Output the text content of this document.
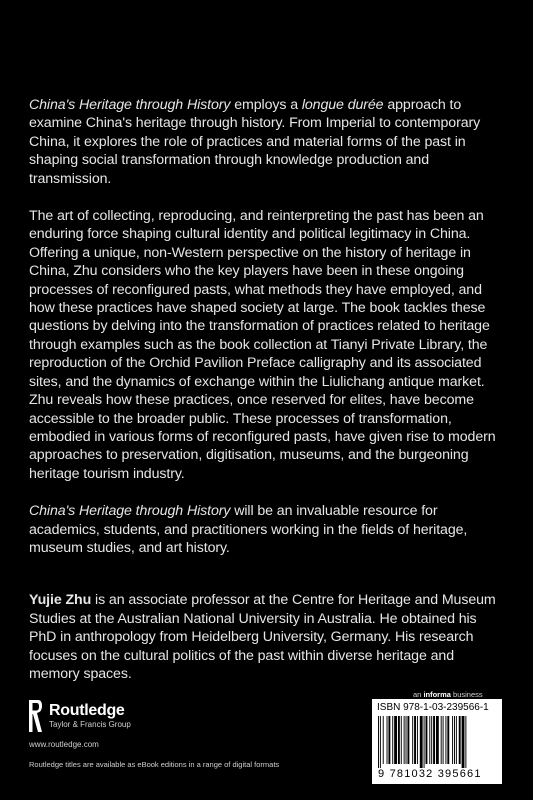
China's Heritage through History employs a longue durée approach to examine China's heritage through history. From Imperial to contemporary China, it explores the role of practices and material forms of the past in shaping social transformation through knowledge production and transmission.

The art of collecting, reproducing, and reinterpreting the past has been an enduring force shaping cultural identity and political legitimacy in China. Offering a unique, non-Western perspective on the history of heritage in China, Zhu considers who the key players have been in these ongoing processes of reconfigured pasts, what methods they have employed, and how these practices have shaped society at large. The book tackles these questions by delving into the transformation of practices related to heritage through examples such as the book collection at Tianyi Private Library, the reproduction of the Orchid Pavilion Preface calligraphy and its associated sites, and the dynamics of exchange within the Liulichang antique market. Zhu reveals how these practices, once reserved for elites, have become accessible to the broader public. These processes of transformation, embodied in various forms of reconfigured pasts, have given rise to modern approaches to preservation, digitisation, museums, and the burgeoning heritage tourism industry.

China's Heritage through History will be an invaluable resource for academics, students, and practitioners working in the fields of heritage, museum studies, and art history.

Yujie Zhu is an associate professor at the Centre for Heritage and Museum Studies at the Australian National University in Australia. He obtained his PhD in anthropology from Heidelberg University, Germany. His research focuses on the cultural politics of the past within diverse heritage and memory spaces.

Routledge
Taylor & Francis Group
www.routledge.com
Routledge titles are available as eBook editions in a range of digital formats
an informa business
ISBN 978-1-03-239566-1
9 781032 395661
